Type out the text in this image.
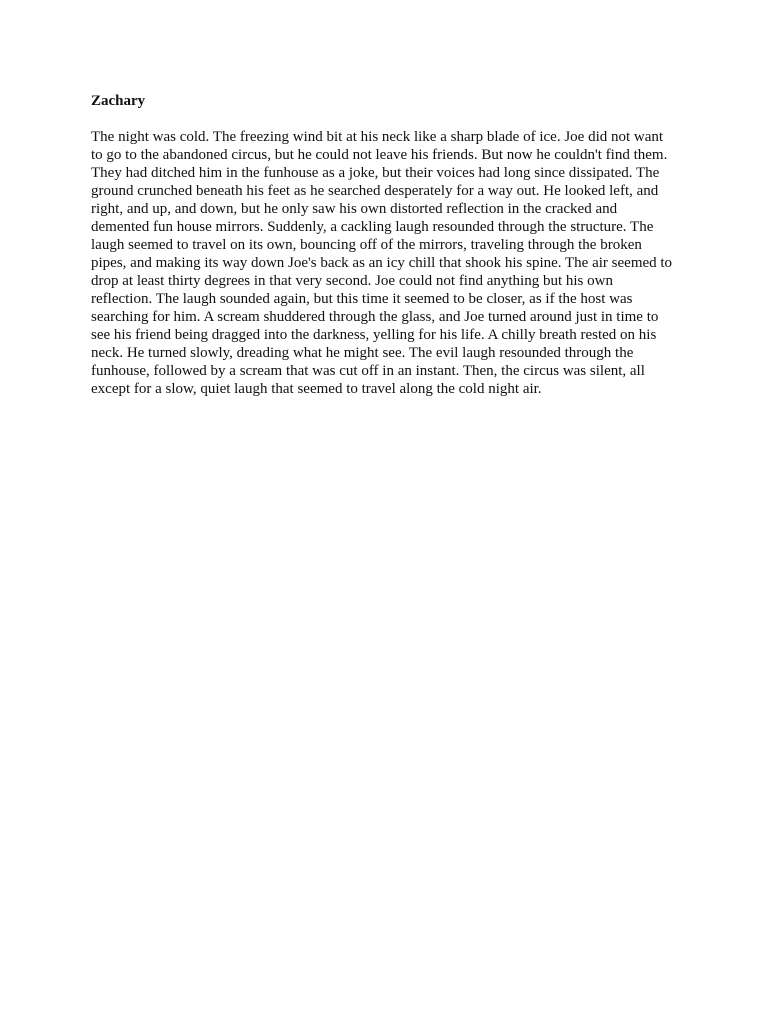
Zachary
The night was cold. The freezing wind bit at his neck like a sharp blade of ice. Joe did not want
to go to the abandoned circus, but he could not leave his friends. But now he couldn't find them.
They had ditched him in the funhouse as a joke, but their voices had long since dissipated. The
ground crunched beneath his feet as he searched desperately for a way out. He looked left, and
right, and up, and down, but he only saw his own distorted reflection in the cracked and
demented fun house mirrors. Suddenly, a cackling laugh resounded through the structure. The
laugh seemed to travel on its own, bouncing off of the mirrors, traveling through the broken
pipes, and making its way down Joe's back as an icy chill that shook his spine. The air seemed to
drop at least thirty degrees in that very second. Joe could not find anything but his own
reflection. The laugh sounded again, but this time it seemed to be closer, as if the host was
searching for him. A scream shuddered through the glass, and Joe turned around just in time to
see his friend being dragged into the darkness, yelling for his life. A chilly breath rested on his
neck. He turned slowly, dreading what he might see. The evil laugh resounded through the
funhouse, followed by a scream that was cut off in an instant. Then, the circus was silent, all
except for a slow, quiet laugh that seemed to travel along the cold night air.
